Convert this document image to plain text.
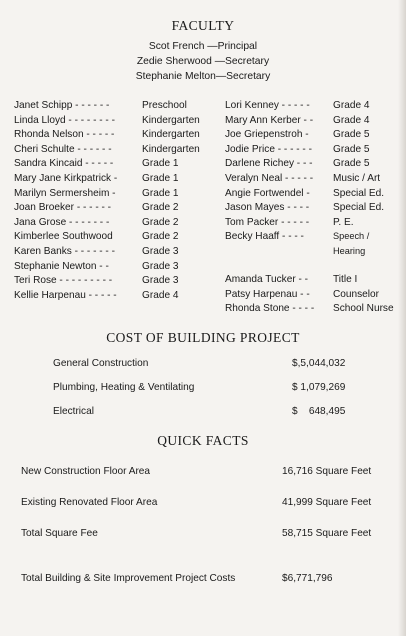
FACULTY
Scot French —Principal
Zedie Sherwood —Secretary
Stephanie Melton—Secretary
Janet Schipp - - - - - -	Preschool
Linda Lloyd - - - - - - - -	Kindergarten
Rhonda Nelson - - - - -	Kindergarten
Cheri Schulte - - - - - -	Kindergarten
Sandra Kincaid - - - - -	Grade 1
Mary Jane Kirkpatrick - Grade 1
Marilyn Sermersheim -	Grade 1
Joan Broeker - - - - - -	Grade 2
Jana Grose - - - - - - -	Grade 2
Kimberlee Southwood	Grade 2
Karen Banks - - - - - - -	Grade 3
Stephanie Newton - -	Grade 3
Teri Rose - - - - - - - - -	Grade 3
Kellie Harpenau - - - - -	Grade 4
Lori Kenney - - - - - Grade 4
Mary Ann Kerber - - Grade 4
Joe Griepenstroh - Grade 5
Jodie Price - - - - - - Grade 5
Darlene Richey - - - Grade 5
Veralyn Neal - - - - - Music / Art
Angie Fortwendel - Special Ed.
Jason Mayes - - - - Special Ed.
Tom Packer - - - - - P. E.
Becky Haaff - - - -	Speech /
Hearing
Amanda Tucker - - Title I
Patsy Harpenau - - Counselor
Rhonda Stone - - - - School Nurse
COST OF BUILDING PROJECT
General Construction	$,5,044,032
Plumbing, Heating & Ventilating	$ 1,079,269
Electrical	$    648,495
QUICK FACTS
New Construction Floor Area	16,716 Square Feet
Existing Renovated Floor Area	41,999 Square Feet
Total Square Fee	58,715 Square Feet
Total Building & Site Improvement Project Costs	$6,771,796
